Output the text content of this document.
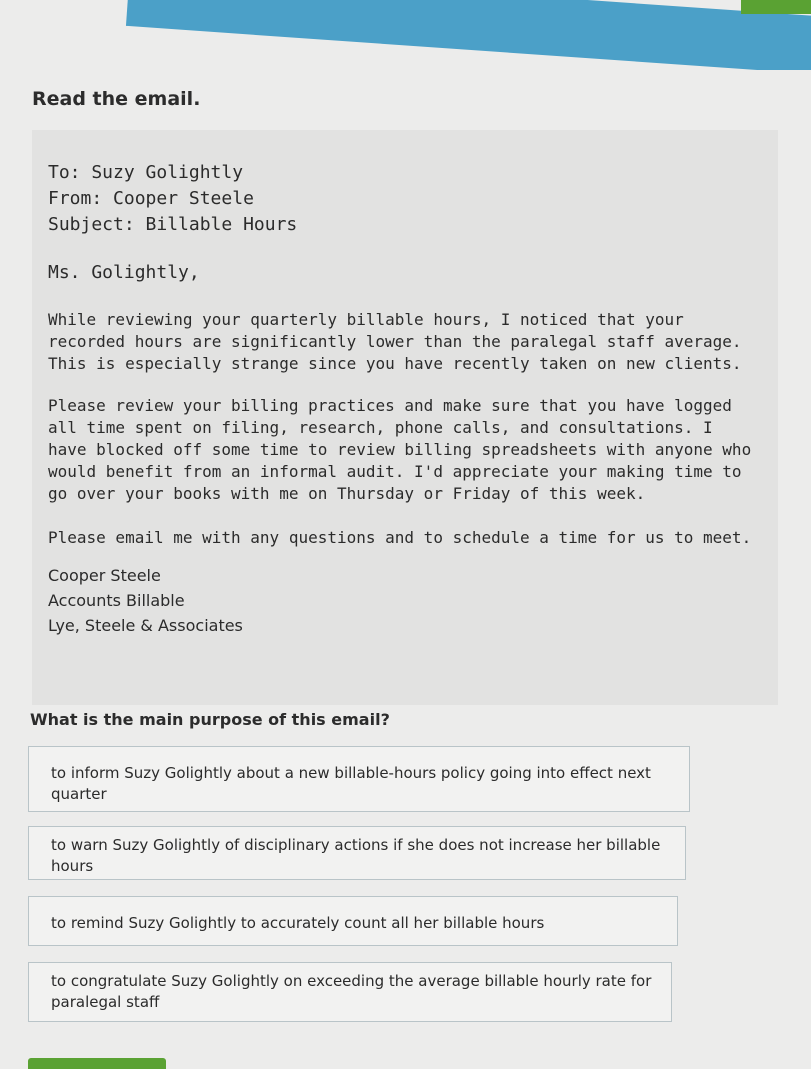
Read the email.

To: Suzy Golightly

From: Cooper Steele

Subject: Billable Hours

Ms. Golightly,

While reviewing your quarterly billable hours, I noticed that your recorded hours are significantly lower than the paralegal staff average. This is especially strange since you have recently taken on new clients.

Please review your billing practices and make sure that you have logged all time spent on filing, research, phone calls, and consultations. I have blocked off some time to review billing spreadsheets with anyone who would benefit from an informal audit. I'd appreciate your making time to go over your books with me on Thursday or Friday of this week.

Please email me with any questions and to schedule a time for us to meet.

Cooper Steele

Accounts Billable

Lye, Steele & Associates

What is the main purpose of this email?

to inform Suzy Golightly about a new billable-hours policy going into effect next quarter
to warn Suzy Golightly of disciplinary actions if she does not increase her billable hours
to remind Suzy Golightly to accurately count all her billable hours
to congratulate Suzy Golightly on exceeding the average billable hourly rate for paralegal staff
